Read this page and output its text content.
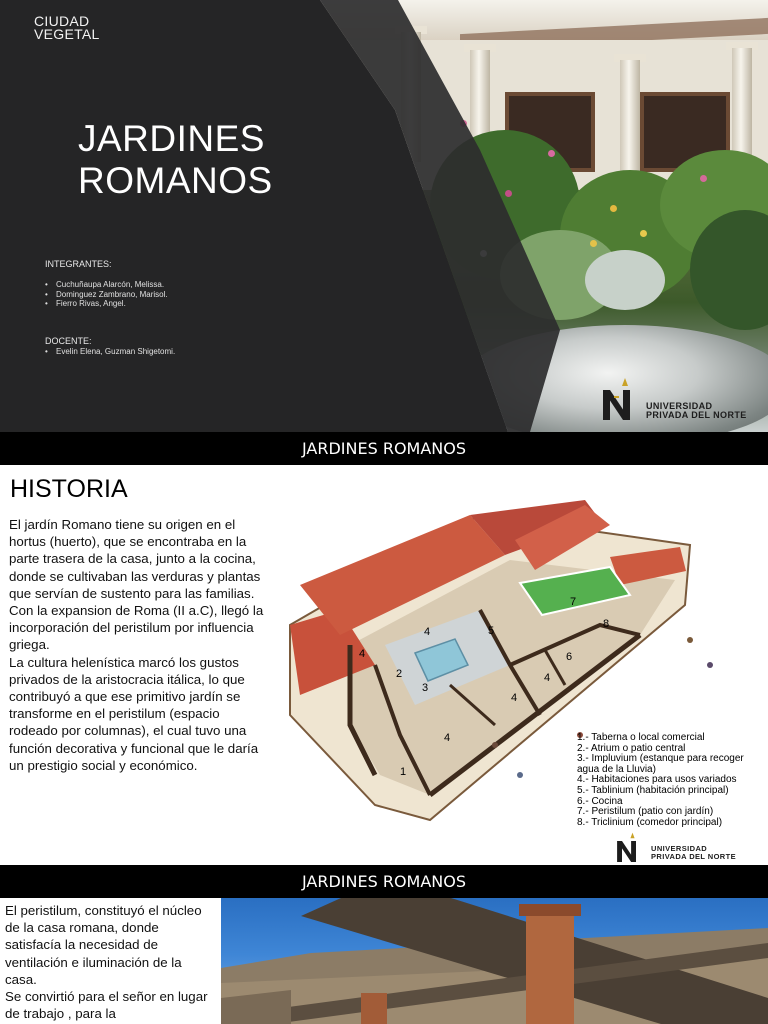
CIUDAD
VEGETAL
JARDINES
ROMANOS
INTEGRANTES:
• Cuchuñaupa Alarcón, Melissa.
• Dominguez Zambrano, Marisol.
• Fierro Rivas, Angel.
DOCENTE:
• Evelin Elena, Guzman Shigetomi.
UNIVERSIDAD
PRIVADA DEL NORTE
JARDINES ROMANOS
HISTORIA
El jardín Romano tiene su origen en el hortus (huerto), que se encontraba en la parte trasera de la casa, junto a la cocina, donde se cultivaban las verduras y plantas que servían de sustento para las familias.
Con la expansion de Roma (II a.C), llegó la incorporación del peristilum por influencia griega.
La cultura helenística marcó los gustos privados de la aristocracia itálica, lo que contribuyó a que ese primitivo jardín se transforme en el peristilum (espacio rodeado por columnas), el cual tuvo una función decorativa y funcional que le daría un prestigio social y económico.	1
2
3
4
4
4
4
4
5
6
7
8
1.- Taberna o local comercial
2.- Atrium o patio central
3.- Impluvium (estanque para recoger
agua de la Lluvia)
4.- Habitaciones para usos variados
5.- Tablinium (habitación principal)
6.- Cocina
7.- Peristilum (patio con jardín)
8.- Triclinium (comedor principal)
UNIVERSIDAD
PRIVADA DEL NORTE
JARDINES ROMANOS
El peristilum, constituyó el núcleo de la casa romana, donde satisfacía la necesidad de ventilación e iluminación de la casa.
Se convirtió para el señor en lugar de trabajo , para la
